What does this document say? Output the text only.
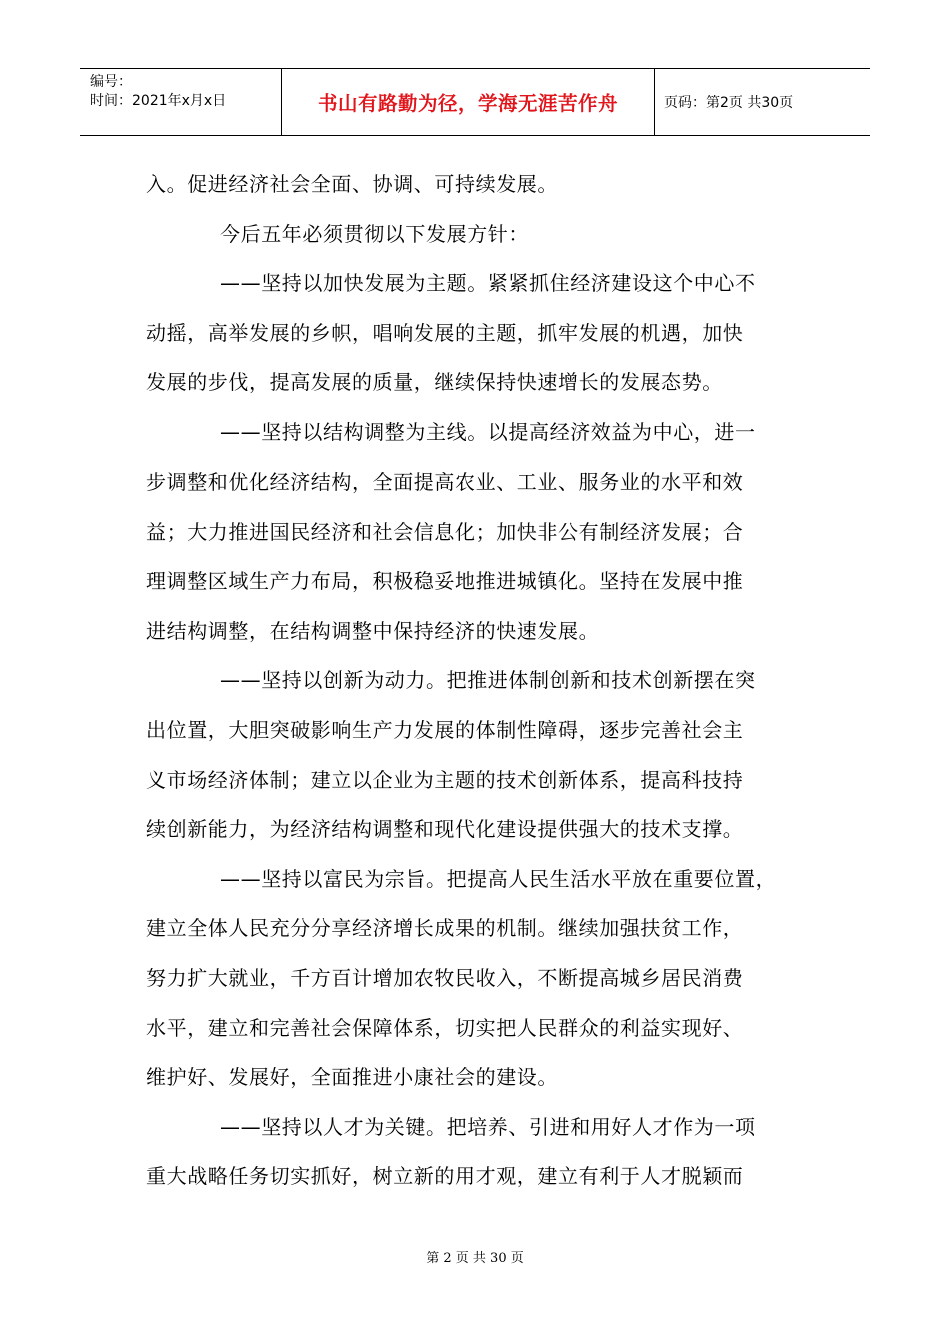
编号：
时间：2021年x月x日	书山有路勤为径，学海无涯苦作舟	页码：第2页 共30页
入。促进经济社会全面、协调、可持续发展。
今后五年必须贯彻以下发展方针：
——坚持以加快发展为主题。紧紧抓住经济建设这个中心不
动摇，高举发展的乡帜，唱响发展的主题，抓牢发展的机遇，加快
发展的步伐，提高发展的质量，继续保持快速增长的发展态势。
——坚持以结构调整为主线。以提高经济效益为中心，进一
步调整和优化经济结构，全面提高农业、工业、服务业的水平和效
益；大力推进国民经济和社会信息化；加快非公有制经济发展；合
理调整区域生产力布局，积极稳妥地推进城镇化。坚持在发展中推
进结构调整，在结构调整中保持经济的快速发展。
——坚持以创新为动力。把推进体制创新和技术创新摆在突
出位置，大胆突破影响生产力发展的体制性障碍，逐步完善社会主
义市场经济体制；建立以企业为主题的技术创新体系，提高科技持
续创新能力，为经济结构调整和现代化建设提供强大的技术支撑。
——坚持以富民为宗旨。把提高人民生活水平放在重要位置，
建立全体人民充分分享经济增长成果的机制。继续加强扶贫工作，
努力扩大就业，千方百计增加农牧民收入，不断提高城乡居民消费
水平，建立和完善社会保障体系，切实把人民群众的利益实现好、
维护好、发展好，全面推进小康社会的建设。
——坚持以人才为关键。把培养、引进和用好人才作为一项
重大战略任务切实抓好，树立新的用才观，建立有利于人才脱颖而
第 2 页 共 30 页
